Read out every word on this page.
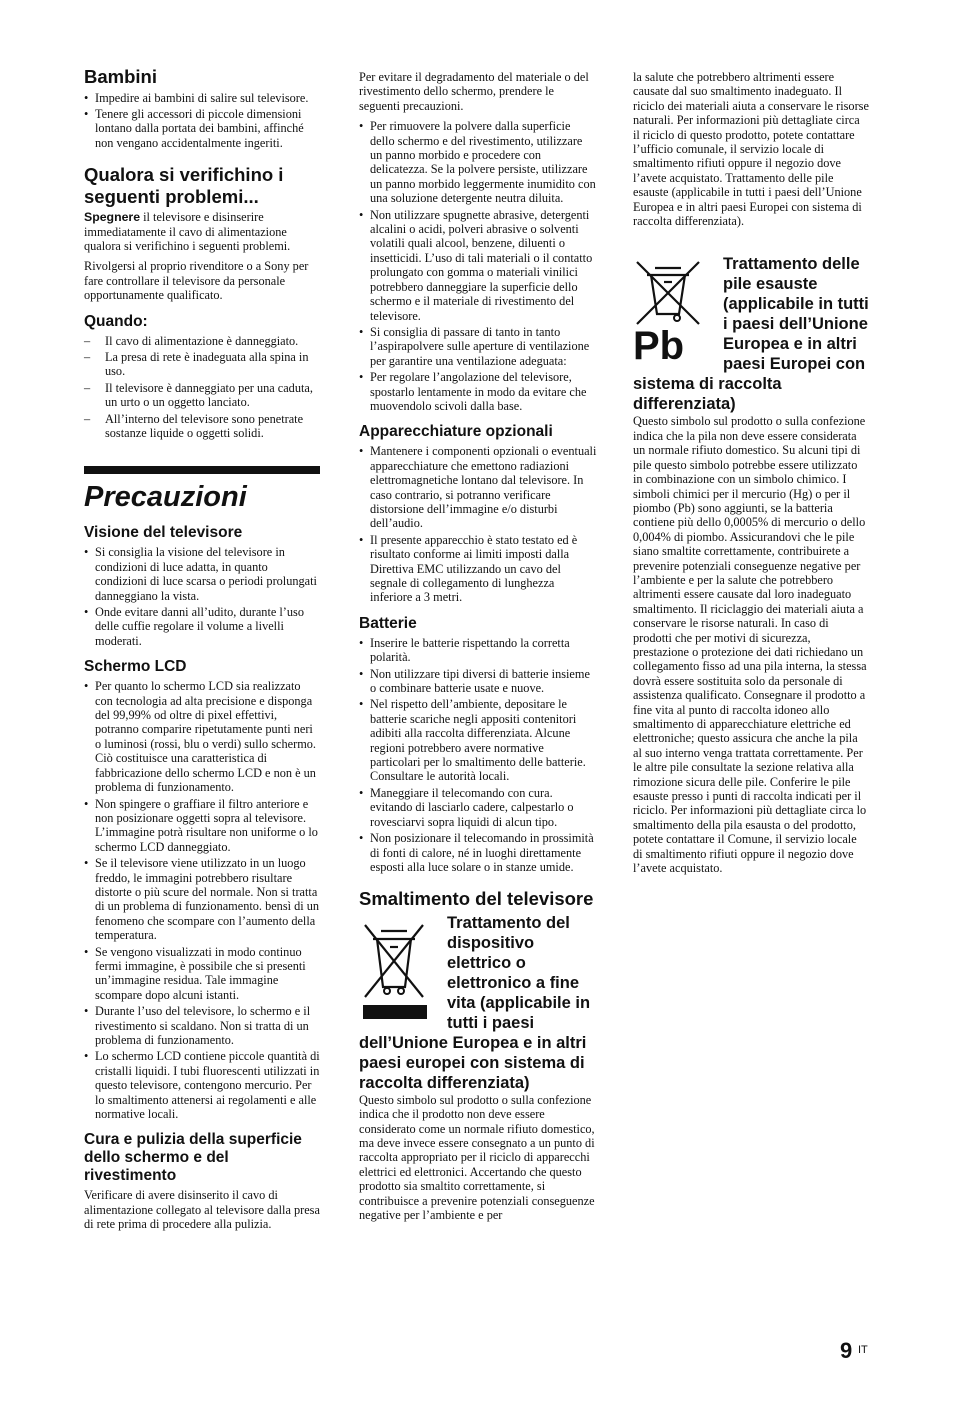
Bambini
• Impedire ai bambini di salire sul televisore.
• Tenere gli accessori di piccole dimensioni lontano dalla portata dei bambini, affinché non vengano accidentalmente ingeriti.
Qualora si verifichino i seguenti problemi...

Spegnere il televisore e disinserire immediatamente il cavo di alimentazione qualora si verifichino i seguenti problemi.

Rivolgersi al proprio rivenditore o a Sony per fare controllare il televisore da personale opportunamente qualificato.

Quando:
– Il cavo di alimentazione è danneggiato.
– La presa di rete è inadeguata alla spina in uso.
– Il televisore è danneggiato per una caduta, un urto o un oggetto lanciato.
– All’interno del televisore sono penetrate sostanze liquide o oggetti solidi.
Precauzioni
Visione del televisore
• Si consiglia la visione del televisore in condizioni di luce adatta, in quanto condizioni di luce scarsa o periodi prolungati danneggiano la vista.
• Onde evitare danni all’udito, durante l’uso delle cuffie regolare il volume a livelli moderati.
Schermo LCD
• Per quanto lo schermo LCD sia realizzato con tecnologia ad alta precisione e disponga del 99,99% od oltre di pixel effettivi, potranno comparire ripetutamente punti neri o luminosi (rossi, blu o verdi) sullo schermo. Ciò costituisce una caratteristica di fabbricazione dello schermo LCD e non è un problema di funzionamento.
• Non spingere o graffiare il filtro anteriore e non posizionare oggetti sopra al televisore. L’immagine potrà risultare non uniforme o lo schermo LCD danneggiato.
• Se il televisore viene utilizzato in un luogo freddo, le immagini potrebbero risultare distorte o più scure del normale. Non si tratta di un problema di funzionamento. bensì di un fenomeno che scompare con l’aumento della temperatura.
• Se vengono visualizzati in modo continuo fermi immagine, è possibile che si presenti un’immagine residua. Tale immagine scompare dopo alcuni istanti.
• Durante l’uso del televisore, lo schermo e il rivestimento si scaldano. Non si tratta di un problema di funzionamento.
• Lo schermo LCD contiene piccole quantità di cristalli liquidi. I tubi fluorescenti utilizzati in questo televisore, contengono mercurio. Per lo smaltimento attenersi ai regolamenti e alle normative locali.
Cura e pulizia della superficie dello schermo e del rivestimento

Verificare di avere disinserito il cavo di alimentazione collegato al televisore dalla presa di rete prima di procedere alla pulizia.

Per evitare il degradamento del materiale o del rivestimento dello schermo, prendere le seguenti precauzioni.

• Per rimuovere la polvere dalla superficie dello schermo e del rivestimento, utilizzare un panno morbido e procedere con delicatezza. Se la polvere persiste, utilizzare un panno morbido leggermente inumidito con una soluzione detergente neutra diluita.
• Non utilizzare spugnette abrasive, detergenti alcalini o acidi, polveri abrasive o solventi volatili quali alcool, benzene, diluenti o insetticidi. L’uso di tali materiali o il contatto prolungato con gomma o materiali vinilici potrebbero danneggiare la superficie dello schermo e il materiale di rivestimento del televisore.
• Si consiglia di passare di tanto in tanto l’aspirapolvere sulle aperture di ventilazione per garantire una ventilazione adeguata:
• Per regolare l’angolazione del televisore, spostarlo lentamente in modo da evitare che muovendolo scivoli dalla base.
Apparecchiature opzionali
• Mantenere i componenti opzionali o eventuali apparecchiature che emettono radiazioni elettromagnetiche lontano dal televisore. In caso contrario, si potranno verificare distorsione dell’immagine e/o disturbi dell’audio.
• Il presente apparecchio è stato testato ed è risultato conforme ai limiti imposti dalla Direttiva EMC utilizzando un cavo del segnale di collegamento di lunghezza inferiore a 3 metri.
Batterie
• Inserire le batterie rispettando la corretta polarità.
• Non utilizzare tipi diversi di batterie insieme o combinare batterie usate e nuove.
• Nel rispetto dell’ambiente, depositare le batterie scariche negli appositi contenitori adibiti alla raccolta differenziata. Alcune regioni potrebbero avere normative particolari per lo smaltimento delle batterie. Consultare le autorità locali.
• Maneggiare il telecomando con cura. evitando di lasciarlo cadere, calpestarlo o rovesciarvi sopra liquidi di alcun tipo.
• Non posizionare il telecomando in prossimità di fonti di calore, né in luoghi direttamente esposti alla luce solare o in stanze umide.
Smaltimento del televisore
Trattamento del dispositivo elettrico o elettronico a fine vita (applicabile in tutti i paesi dell’Unione Europea e in altri paesi europei con sistema di raccolta differenziata)

Questo simbolo sul prodotto o sulla confezione indica che il prodotto non deve essere considerato come un normale rifiuto domestico, ma deve invece essere consegnato a un punto di raccolta appropriato per il riciclo di apparecchi elettrici ed elettronici. Accertando che questo prodotto sia smaltito correttamente, si contribuisce a prevenire potenziali conseguenze negative per l’ambiente e per

la salute che potrebbero altrimenti essere causate dal suo smaltimento inadeguato. Il riciclo dei materiali aiuta a conservare le risorse naturali. Per informazioni più dettagliate circa il riciclo di questo prodotto, potete contattare l’ufficio comunale, il servizio locale di smaltimento rifiuti oppure il negozio dove l’avete acquistato. Trattamento delle pile esauste (applicabile in tutti i paesi dell’Unione Europea e in altri paesi Europei con sistema di raccolta differenziata).

Pb
Trattamento delle pile esauste (applicabile in tutti i paesi dell’Unione Europea e in altri paesi Europei con sistema di raccolta differenziata)

Questo simbolo sul prodotto o sulla confezione indica che la pila non deve essere considerata un normale rifiuto domestico. Su alcuni tipi di pile questo simbolo potrebbe essere utilizzato in combinazione con un simbolo chimico. I simboli chimici per il mercurio (Hg) o per il piombo (Pb) sono aggiunti, se la batteria contiene più dello 0,0005% di mercurio o dello 0,004% di piombo. Assicurandovi che le pile siano smaltite correttamente, contribuirete a prevenire potenziali conseguenze negative per l’ambiente e per la salute che potrebbero altrimenti essere causate dal loro inadeguato smaltimento. Il riciclaggio dei materiali aiuta a conservare le risorse naturali. In caso di prodotti che per motivi di sicurezza, prestazione o protezione dei dati richiedano un collegamento fisso ad una pila interna, la stessa dovrà essere sostituita solo da personale di assistenza qualificato. Consegnare il prodotto a fine vita al punto di raccolta idoneo allo smaltimento di apparecchiature elettriche ed elettroniche; questo assicura che anche la pila al suo interno venga trattata correttamente. Per le altre pile consultate la sezione relativa alla rimozione sicura delle pile. Conferire le pile esauste presso i punti di raccolta indicati per il riciclo. Per informazioni più dettagliate circa lo smaltimento della pila esausta o del prodotto, potete contattare il Comune, il servizio locale di smaltimento rifiuti oppure il negozio dove l’avete acquistato.

9 IT
